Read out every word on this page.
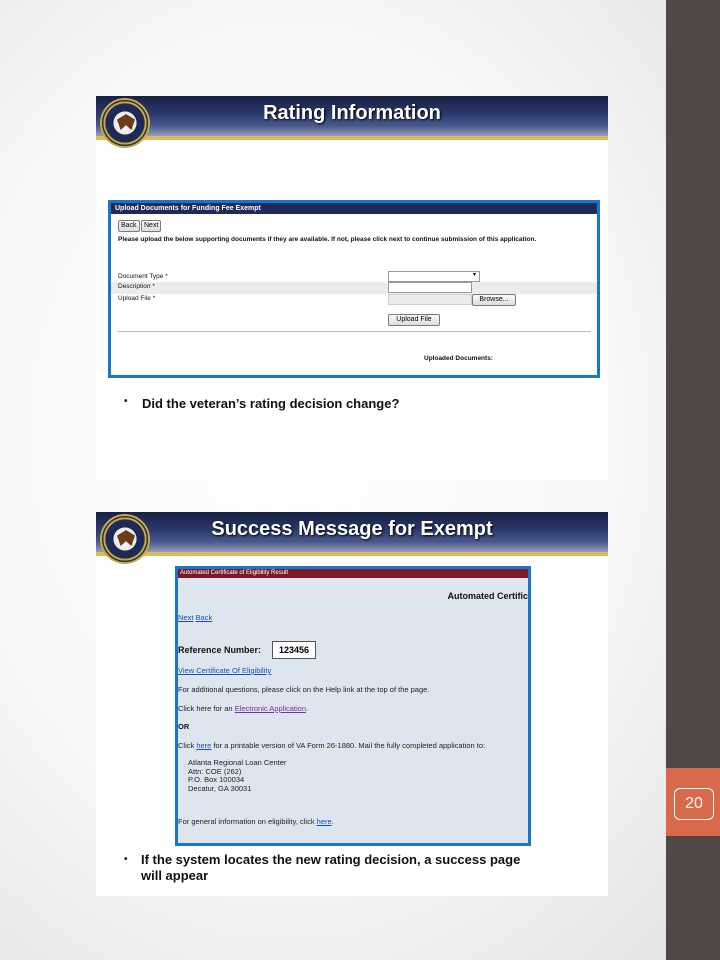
20
Rating Information
Upload Documents for Funding Fee Exempt
Back	Next
Please upload the below supporting documents if they are available. If not, please click next to continue submission of this application.
Document Type *	▾
Description *
Upload File *	Browse...
Upload File
Uploaded Documents:
• Did the veteran’s rating decision change?
Success Message for Exempt
Automated Certificate of Eligibility Result
Automated Certific
Next Back
Reference Number:	123456
View Certificate Of Eligibility
For additional questions, please click on the Help link at the top of the page.
Click here for an Electronic Application.
OR
Click here for a printable version of VA Form 26-1880. Mail the fully completed application to:
Atlanta Regional Loan Center
Attn: COE (262)
P.O. Box 100034
Decatur, GA 30031
For general information on eligibility, click here.
• If the system locates the new rating decision, a success page
will appear
